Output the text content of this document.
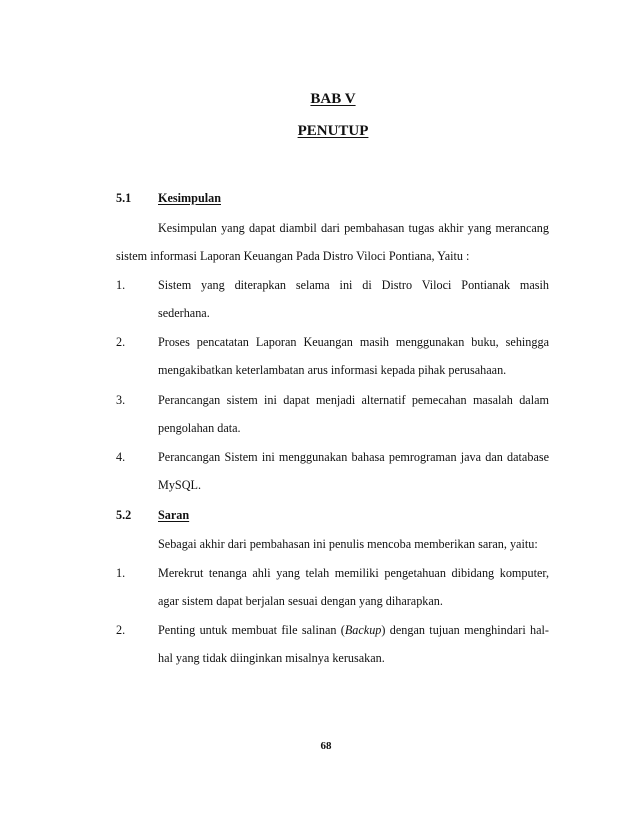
BAB V
PENUTUP
5.1 Kesimpulan
Kesimpulan yang dapat diambil dari pembahasan tugas akhir yang merancang
sistem informasi Laporan Keuangan Pada Distro Viloci Pontiana, Yaitu :
1.	Sistem yang diterapkan selama ini di Distro Viloci Pontianak masih
sederhana.
2.	Proses pencatatan Laporan Keuangan masih menggunakan buku, sehingga
mengakibatkan keterlambatan arus informasi kepada pihak perusahaan.
3.	Perancangan sistem ini dapat menjadi alternatif pemecahan masalah dalam
pengolahan data.
4.	Perancangan Sistem ini menggunakan bahasa pemrograman java dan database
MySQL.
5.2 Saran
Sebagai akhir dari pembahasan ini penulis mencoba memberikan saran, yaitu:
1.	Merekrut tenanga ahli yang telah memiliki pengetahuan dibidang komputer,
agar sistem dapat berjalan sesuai dengan yang diharapkan.
2.	Penting untuk membuat file salinan (Backup) dengan tujuan menghindari hal-
hal yang tidak diinginkan misalnya kerusakan.
68
